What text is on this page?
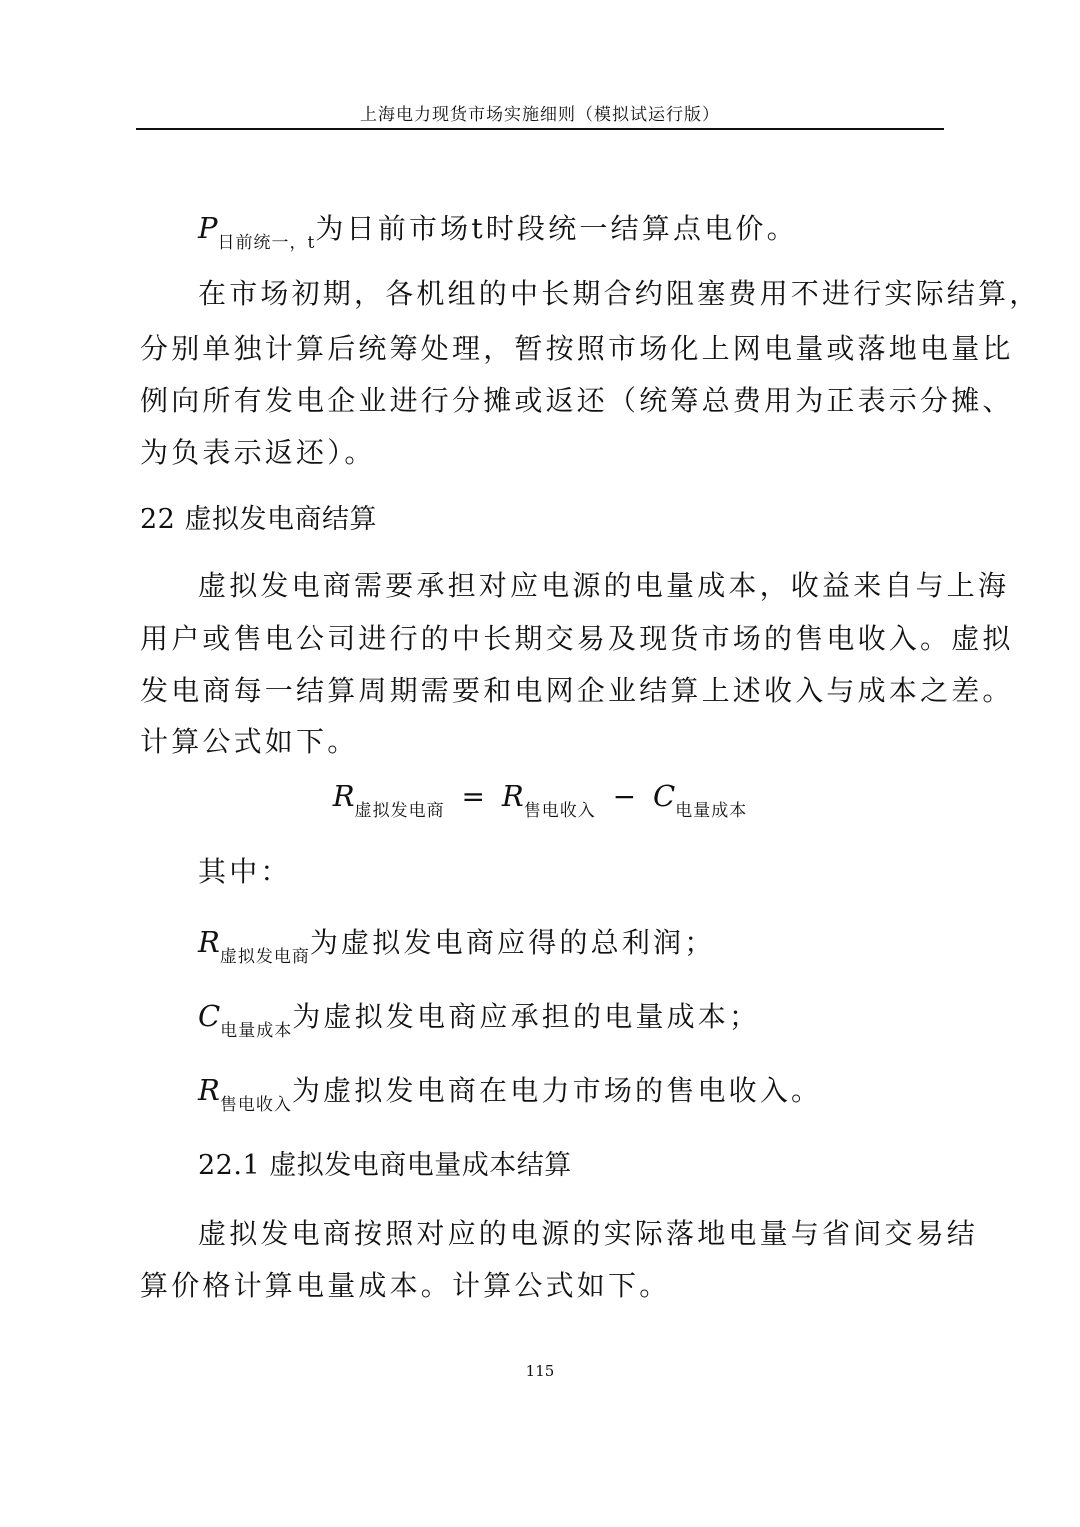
上海电力现货市场实施细则（模拟试运行版）
$P_{日前统一,t}$为日前市场t时段统一结算点电价。
在市场初期，各机组的中长期合约阻塞费用不进行实际结算，
分别单独计算后统筹处理，暂按照市场化上网电量或落地电量比
例向所有发电企业进行分摊或返还（统筹总费用为正表示分摊、
为负表示返还）。
22 虚拟发电商结算
虚拟发电商需要承担对应电源的电量成本，收益来自与上海
用户或售电公司进行的中长期交易及现货市场的售电收入。虚拟
发电商每一结算周期需要和电网企业结算上述收入与成本之差。
计算公式如下。
$R_{虚拟发电商} = R_{售电收入} - C_{电量成本}$
其中：
$R_{虚拟发电商}$为虚拟发电商应得的总利润；
$C_{电量成本}$为虚拟发电商应承担的电量成本；
$R_{售电收入}$为虚拟发电商在电力市场的售电收入。
22.1 虚拟发电商电量成本结算
虚拟发电商按照对应的电源的实际落地电量与省间交易结
算价格计算电量成本。计算公式如下。
115
